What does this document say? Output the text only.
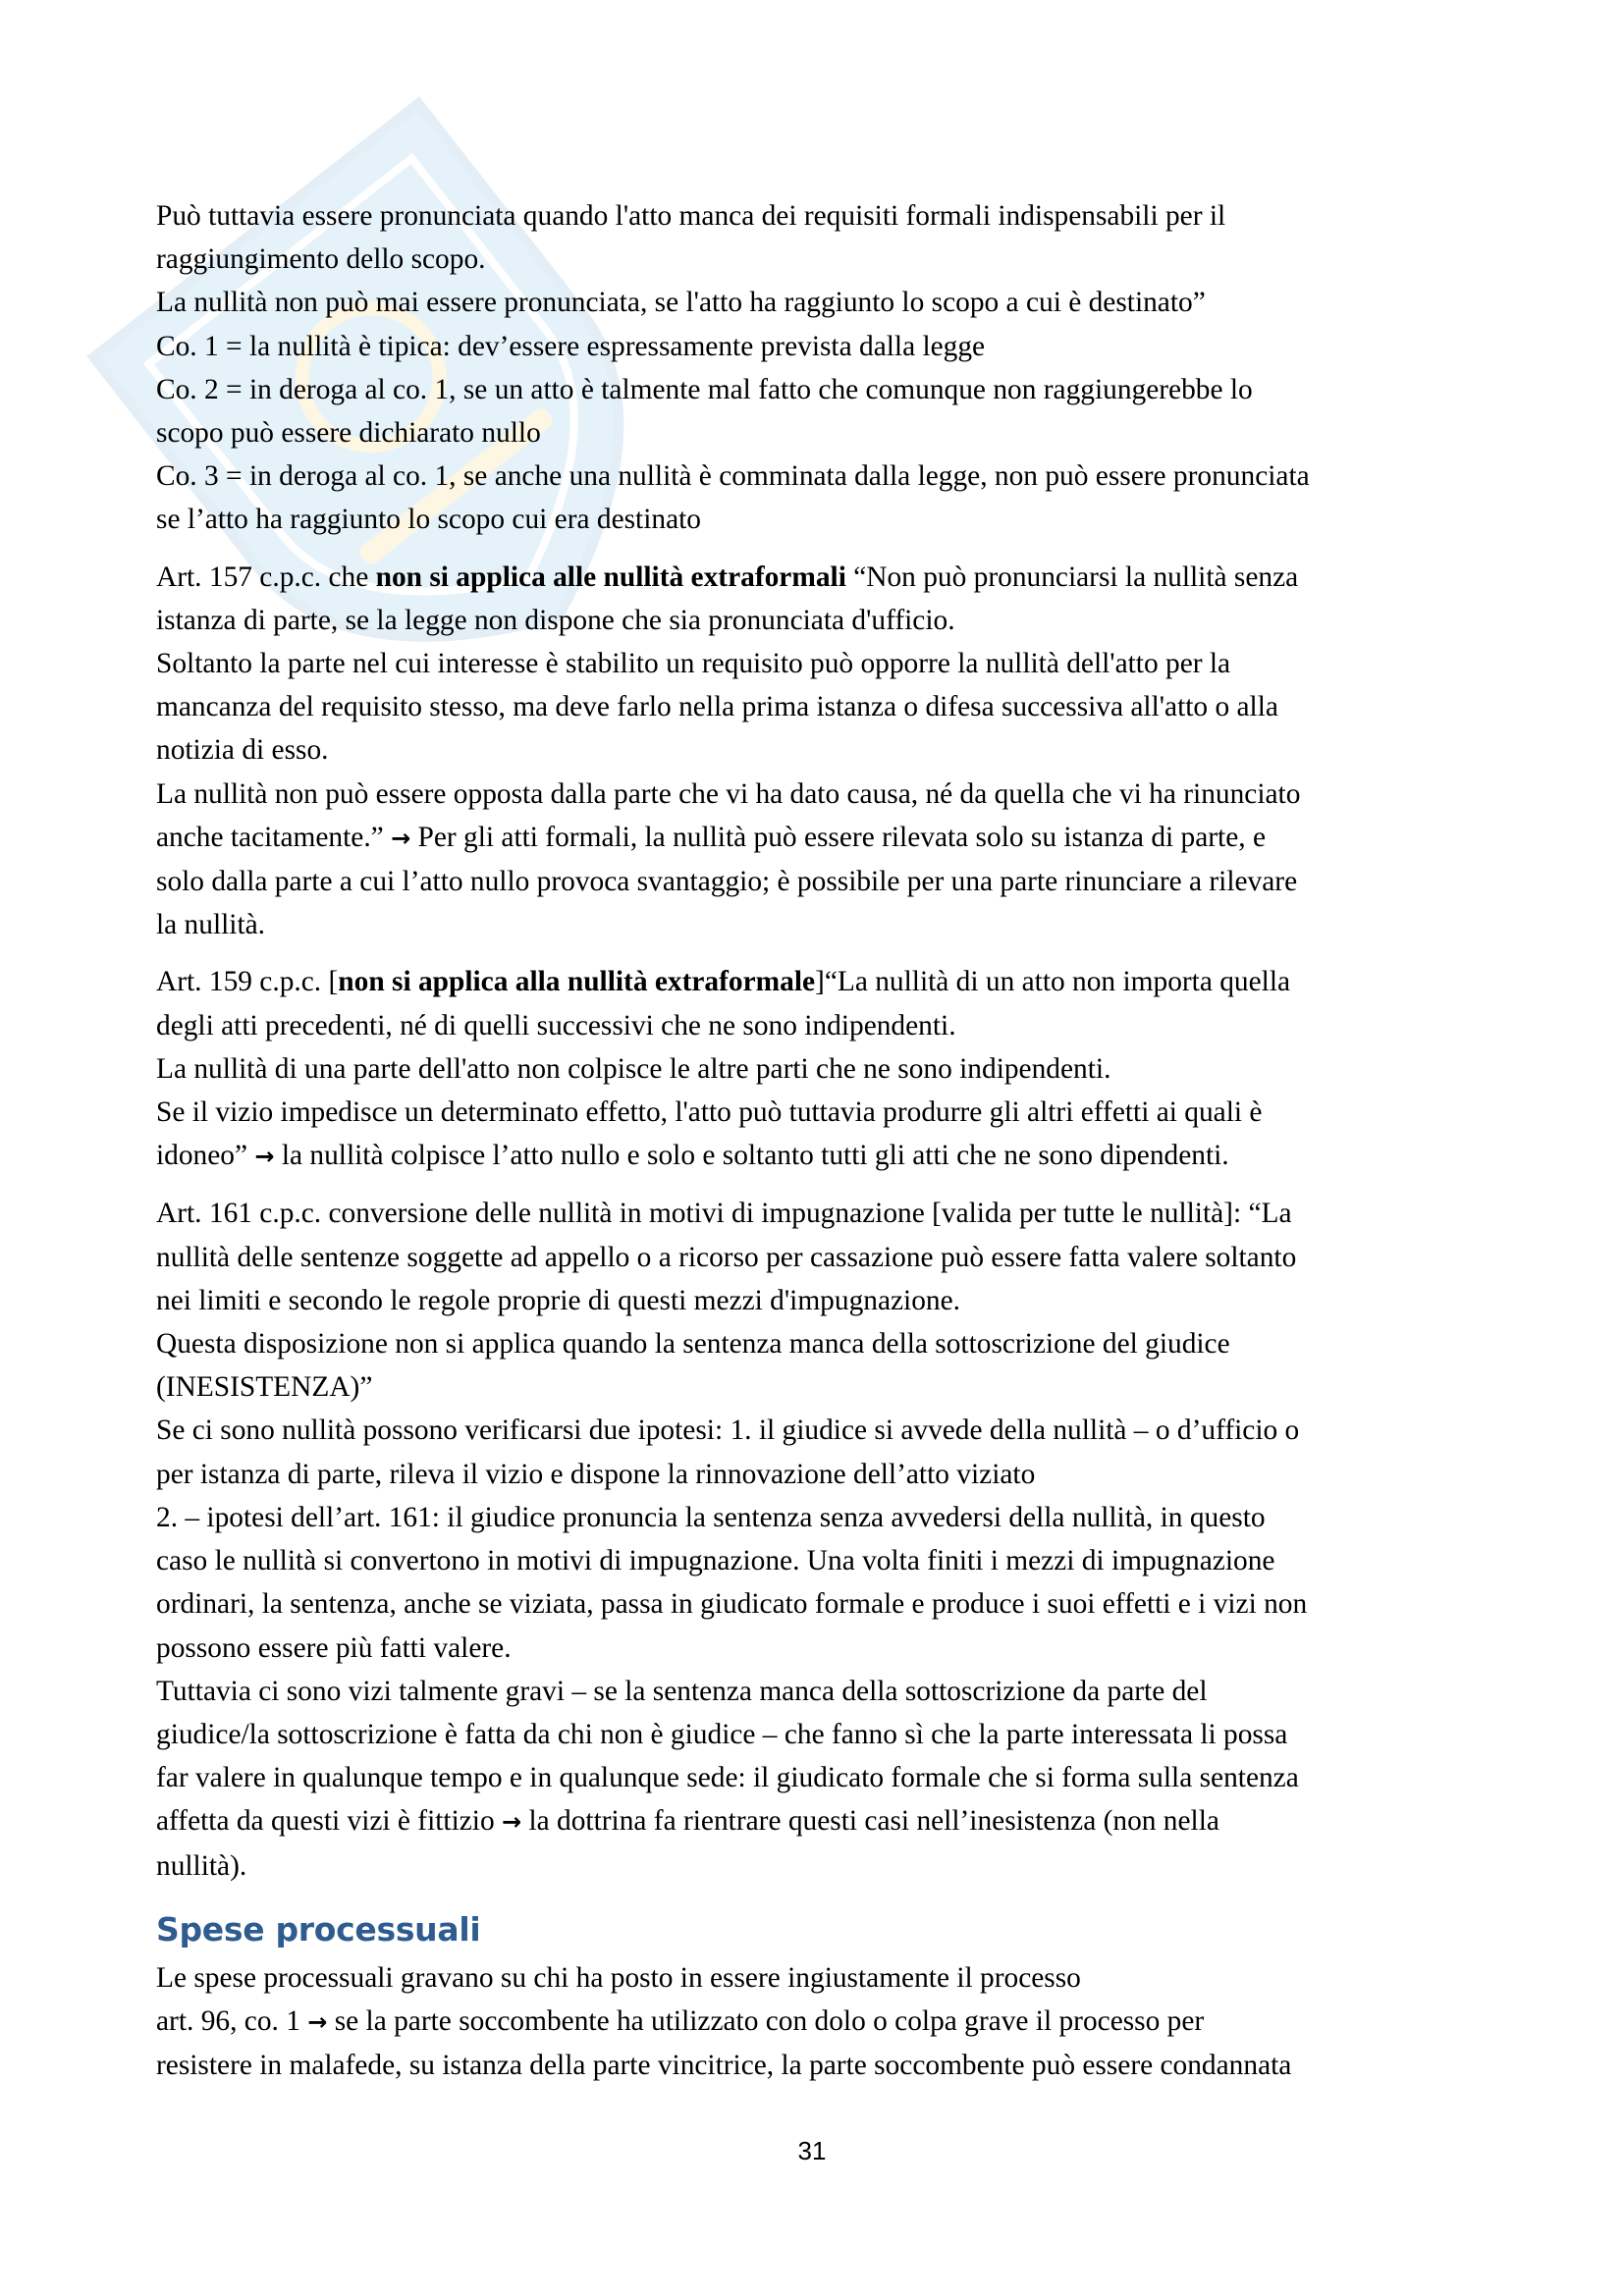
Può tuttavia essere pronunciata quando l'atto manca dei requisiti formali indispensabili per il
raggiungimento dello scopo.
La nullità non può mai essere pronunciata, se l'atto ha raggiunto lo scopo a cui è destinato”
Co. 1 = la nullità è tipica: dev’essere espressamente prevista dalla legge
Co. 2 = in deroga al co. 1, se un atto è talmente mal fatto che comunque non raggiungerebbe lo
scopo può essere dichiarato nullo
Co. 3 = in deroga al co. 1, se anche una nullità è comminata dalla legge, non può essere pronunciata
se l’atto ha raggiunto lo scopo cui era destinato

Art. 157 c.p.c. che non si applica alle nullità extraformali “Non può pronunciarsi la nullità senza
istanza di parte, se la legge non dispone che sia pronunciata d'ufficio.
Soltanto la parte nel cui interesse è stabilito un requisito può opporre la nullità dell'atto per la
mancanza del requisito stesso, ma deve farlo nella prima istanza o difesa successiva all'atto o alla
notizia di esso.
La nullità non può essere opposta dalla parte che vi ha dato causa, né da quella che vi ha rinunciato
anche tacitamente.” → Per gli atti formali, la nullità può essere rilevata solo su istanza di parte, e
solo dalla parte a cui l’atto nullo provoca svantaggio; è possibile per una parte rinunciare a rilevare
la nullità.

Art. 159 c.p.c. [non si applica alla nullità extraformale]“La nullità di un atto non importa quella
degli atti precedenti, né di quelli successivi che ne sono indipendenti.
La nullità di una parte dell'atto non colpisce le altre parti che ne sono indipendenti.
Se il vizio impedisce un determinato effetto, l'atto può tuttavia produrre gli altri effetti ai quali è
idoneo” → la nullità colpisce l’atto nullo e solo e soltanto tutti gli atti che ne sono dipendenti.

Art. 161 c.p.c. conversione delle nullità in motivi di impugnazione [valida per tutte le nullità]: “La
nullità delle sentenze soggette ad appello o a ricorso per cassazione può essere fatta valere soltanto
nei limiti e secondo le regole proprie di questi mezzi d'impugnazione.
Questa disposizione non si applica quando la sentenza manca della sottoscrizione del giudice
(INESISTENZA)”
Se ci sono nullità possono verificarsi due ipotesi: 1. il giudice si avvede della nullità – o d’ufficio o
per istanza di parte, rileva il vizio e dispone la rinnovazione dell’atto viziato
2. – ipotesi dell’art. 161: il giudice pronuncia la sentenza senza avvedersi della nullità, in questo
caso le nullità si convertono in motivi di impugnazione. Una volta finiti i mezzi di impugnazione
ordinari, la sentenza, anche se viziata, passa in giudicato formale e produce i suoi effetti e i vizi non
possono essere più fatti valere.
Tuttavia ci sono vizi talmente gravi – se la sentenza manca della sottoscrizione da parte del
giudice/la sottoscrizione è fatta da chi non è giudice – che fanno sì che la parte interessata li possa
far valere in qualunque tempo e in qualunque sede: il giudicato formale che si forma sulla sentenza
affetta da questi vizi è fittizio → la dottrina fa rientrare questi casi nell’inesistenza (non nella
nullità).

Spese processuali

Le spese processuali gravano su chi ha posto in essere ingiustamente il processo
art. 96, co. 1 → se la parte soccombente ha utilizzato con dolo o colpa grave il processo per
resistere in malafede, su istanza della parte vincitrice, la parte soccombente può essere condannata

31
